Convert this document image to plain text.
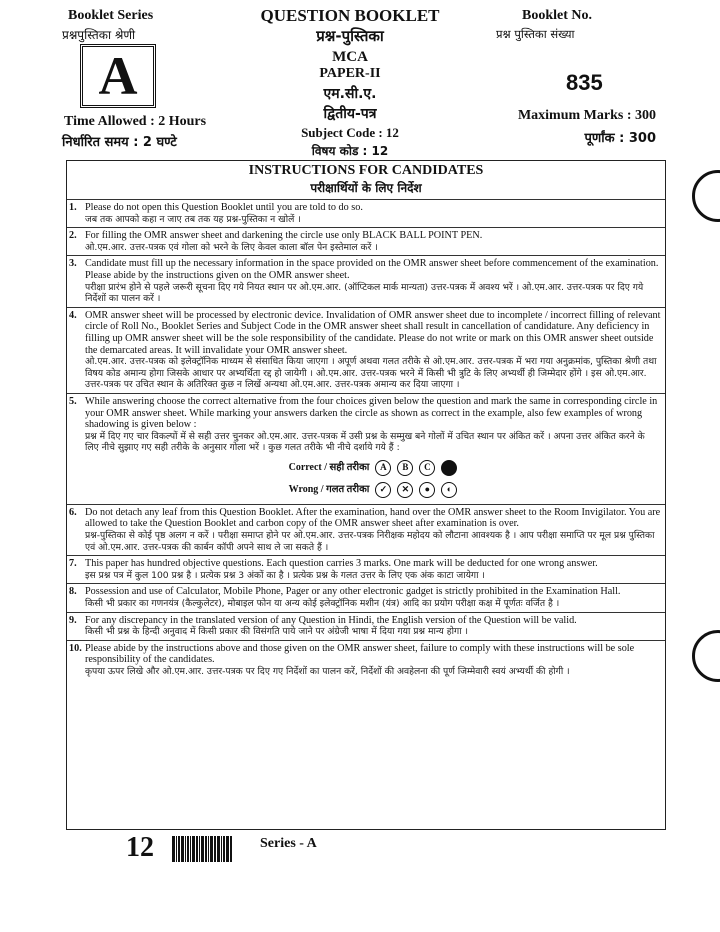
Booklet Series
प्रश्नपुस्तिका श्रेणी
A
Time Allowed : 2 Hours
निर्धारित समय : 2 घण्टे
QUESTION BOOKLET
प्रश्न-पुस्तिका
MCA
PAPER-II
एम.सी.ए.
द्वितीय-पत्र
Subject Code : 12
विषय कोड : 12
Booklet No.
प्रश्न पुस्तिका संख्या
835
Maximum Marks : 300
पूर्णांक : 300
INSTRUCTIONS FOR CANDIDATES
परीक्षार्थियों के लिए निर्देश
1. Please do not open this Question Booklet until you are told to do so.
जब तक आपको कहा न जाए तब तक यह प्रश्न-पुस्तिका न खोलें ।
2. For filling the OMR answer sheet and darkening the circle use only BLACK BALL POINT PEN.
ओ.एम.आर. उत्तर-पत्रक एवं गोला को भरने के लिए केवल काला बॉल पेन इस्तेमाल करें ।
3. Candidate must fill up the necessary information in the space provided on the OMR answer sheet before commencement of the examination. Please abide by the instructions given on the OMR answer sheet.
परीक्षा प्रारंभ होने से पहले जरूरी सूचना दिए गये नियत स्थान पर ओ.एम.आर. (ऑप्टिकल मार्क मान्यता) उत्तर-पत्रक में अवश्य भरें । ओ.एम.आर. उत्तर-पत्रक पर दिए गये निर्देशों का पालन करें ।
4. OMR answer sheet will be processed by electronic device. Invalidation of OMR answer sheet due to incomplete / incorrect filling of relevant circle of Roll No., Booklet Series and Subject Code in the OMR answer sheet shall result in cancellation of candidature. Any deficiency in filling up OMR answer sheet will be the sole responsibility of the candidate. Please do not write or mark on this OMR answer sheet outside the demarcated areas. It will invalidate your OMR answer sheet.
ओ.एम.आर. उत्तर-पत्रक को इलेक्ट्रॉनिक माध्यम से संसाधित किया जाएगा । अपूर्ण अथवा गलत तरीके से ओ.एम.आर. उत्तर-पत्रक में भरा गया अनुक्रमांक, पुस्तिका श्रेणी तथा विषय कोड अमान्य होगा जिसके आधार पर अभ्यर्थिता रद्द हो जायेगी । ओ.एम.आर. उत्तर-पत्रक भरने में किसी भी त्रुटि के लिए अभ्यर्थी ही जिम्मेदार होंगे । इस ओ.एम.आर. उत्तर-पत्रक पर उचित स्थान के अतिरिक्त कुछ न लिखें अन्यथा ओ.एम.आर. उत्तर-पत्रक अमान्य कर दिया जाएगा ।
5. While answering choose the correct alternative from the four choices given below the question and mark the same in corresponding circle in your OMR answer sheet. While marking your answers darken the circle as shown as correct in the example, also few examples of wrong shadowing is given below :
प्रश्न में दिए गए चार विकल्पों में से सही उत्तर चुनकर ओ.एम.आर. उत्तर-पत्रक में उसी प्रश्न के सम्मुख बने गोलों में उचित स्थान पर अंकित करें । अपना उत्तर अंकित करने के लिए नीचे सुझाए गए सही तरीके के अनुसार गोला भरें । कुछ गलत तरीके भी नीचे दर्शाये गये हैं :
Correct / सही तरीका	A	B	C
Wrong / गलत तरीका	✓	✕	●	◐
6. Do not detach any leaf from this Question Booklet. After the examination, hand over the OMR answer sheet to the Room Invigilator. You are allowed to take the Question Booklet and carbon copy of the OMR answer sheet after examination is over.
प्रश्न-पुस्तिका से कोई पृष्ठ अलग न करें । परीक्षा समाप्त होने पर ओ.एम.आर. उत्तर-पत्रक निरीक्षक महोदय को लौटाना आवश्यक है । आप परीक्षा समाप्ति पर मूल प्रश्न पुस्तिका एवं ओ.एम.आर. उत्तर-पत्रक की कार्बन कॉपी अपने साथ ले जा सकते हैं ।
7. This paper has hundred objective questions. Each question carries 3 marks. One mark will be deducted for one wrong answer.
इस प्रश्न पत्र में कुल 100 प्रश्न है । प्रत्येक प्रश्न 3 अंकों का है । प्रत्येक प्रश्न के गलत उत्तर के लिए एक अंक काटा जायेगा ।
8. Possession and use of Calculator, Mobile Phone, Pager or any other electronic gadget is strictly prohibited in the Examination Hall.
किसी भी प्रकार का गणनयंत्र (कैल्कुलेटर), मोबाइल फोन या अन्य कोई इलेक्ट्रॉनिक मशीन (यंत्र) आदि का प्रयोग परीक्षा कक्ष में पूर्णतः वर्जित है ।
9. For any discrepancy in the translated version of any Question in Hindi, the English version of the Question will be valid.
किसी भी प्रश्न के हिन्दी अनुवाद में किसी प्रकार की विसंगति पाये जाने पर अंग्रेजी भाषा में दिया गया प्रश्न मान्य होगा ।
10. Please abide by the instructions above and those given on the OMR answer sheet, failure to comply with these instructions will be sole responsibility of the candidates.
कृपया ऊपर लिखे और ओ.एम.आर. उत्तर-पत्रक पर दिए गए निर्देशों का पालन करें, निर्देशों की अवहेलना की पूर्ण जिम्मेवारी स्वयं अभ्यर्थी की होगी ।
12	Series - A
